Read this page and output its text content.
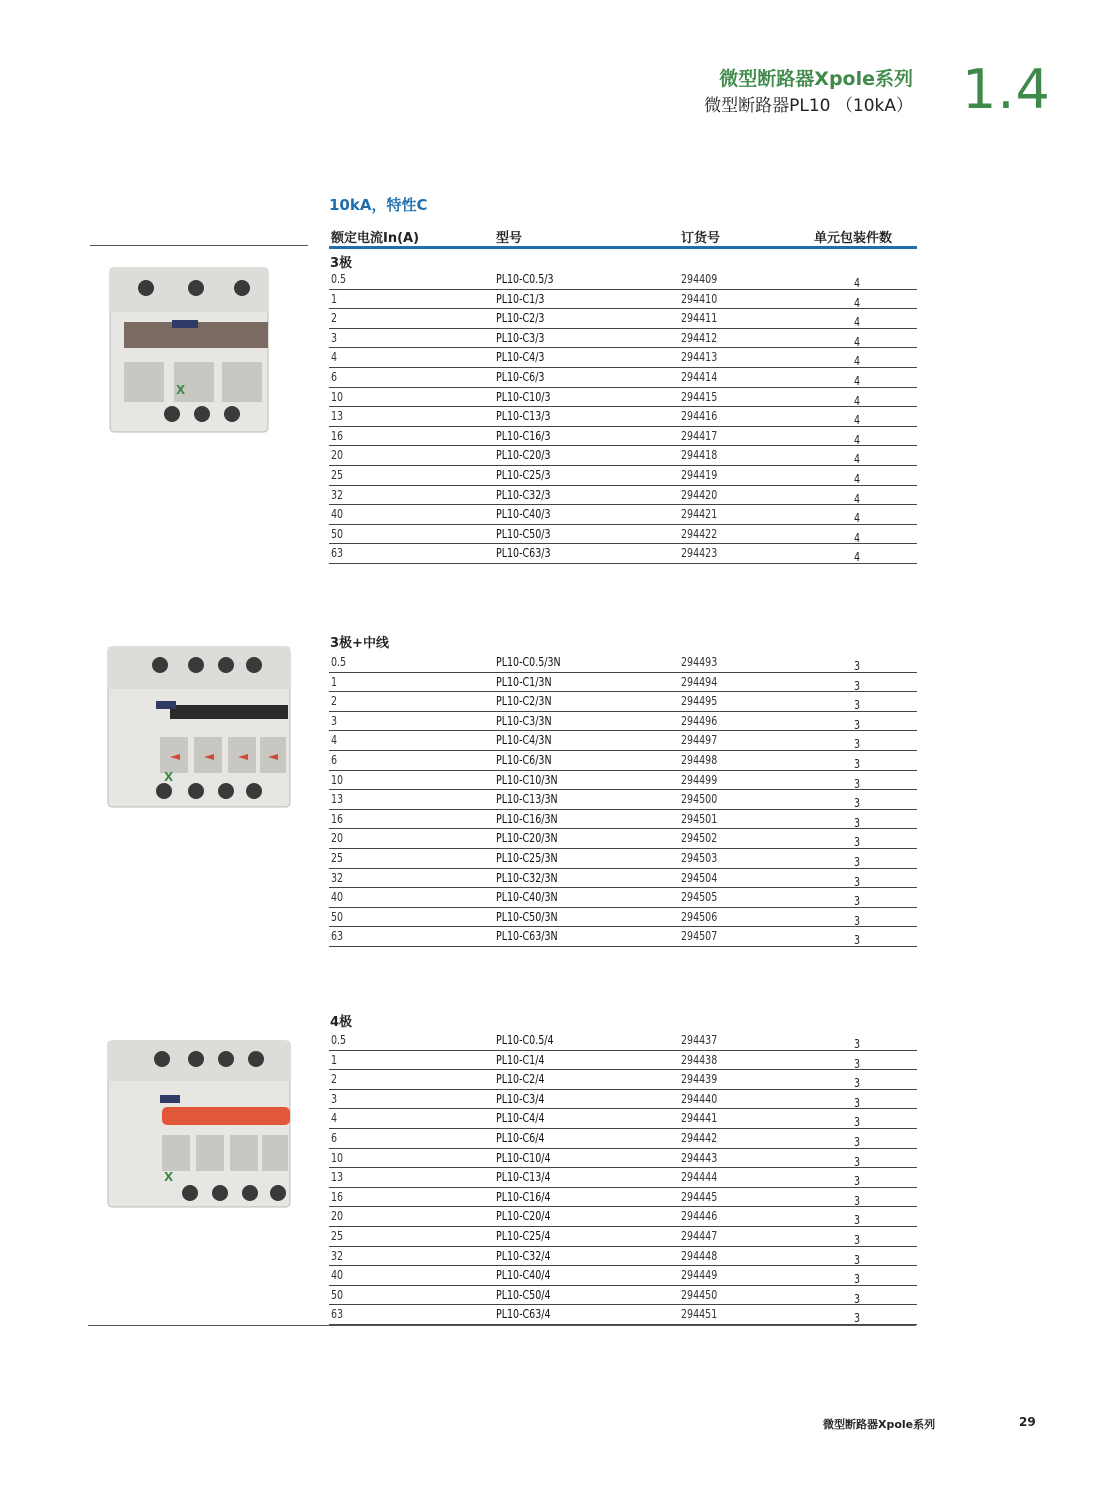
微型断路器Xpole系列
微型断路器PL10 （10kA） 1.4
10kA，特性C
额定电流In(A)	型号	订货号	单元包装件数
3极
3极+中线
4极
0.5	PL10-C0.5/3	294409	4
1	PL10-C1/3	294410	4
2	PL10-C2/3	294411	4
3	PL10-C3/3	294412	4
4	PL10-C4/3	294413	4
6	PL10-C6/3	294414	4
10	PL10-C10/3	294415	4
13	PL10-C13/3	294416	4
16	PL10-C16/3	294417	4
20	PL10-C20/3	294418	4
25	PL10-C25/3	294419	4
32	PL10-C32/3	294420	4
40	PL10-C40/3	294421	4
50	PL10-C50/3	294422	4
63	PL10-C63/3	294423	4
0.5	PL10-C0.5/3N	294493	3
1	PL10-C1/3N	294494	3
2	PL10-C2/3N	294495	3
3	PL10-C3/3N	294496	3
4	PL10-C4/3N	294497	3
6	PL10-C6/3N	294498	3
10	PL10-C10/3N	294499	3
13	PL10-C13/3N	294500	3
16	PL10-C16/3N	294501	3
20	PL10-C20/3N	294502	3
25	PL10-C25/3N	294503	3
32	PL10-C32/3N	294504	3
40	PL10-C40/3N	294505	3
50	PL10-C50/3N	294506	3
63	PL10-C63/3N	294507	3
0.5	PL10-C0.5/4	294437	3
1	PL10-C1/4	294438	3
2	PL10-C2/4	294439	3
3	PL10-C3/4	294440	3
4	PL10-C4/4	294441	3
6	PL10-C6/4	294442	3
10	PL10-C10/4	294443	3
13	PL10-C13/4	294444	3
16	PL10-C16/4	294445	3
20	PL10-C20/4	294446	3
25	PL10-C25/4	294447	3
32	PL10-C32/4	294448	3
40	PL10-C40/4	294449	3
50	PL10-C50/4	294450	3
63	PL10-C63/4	294451	3
X
X
X
微型断路器Xpole系列	29
